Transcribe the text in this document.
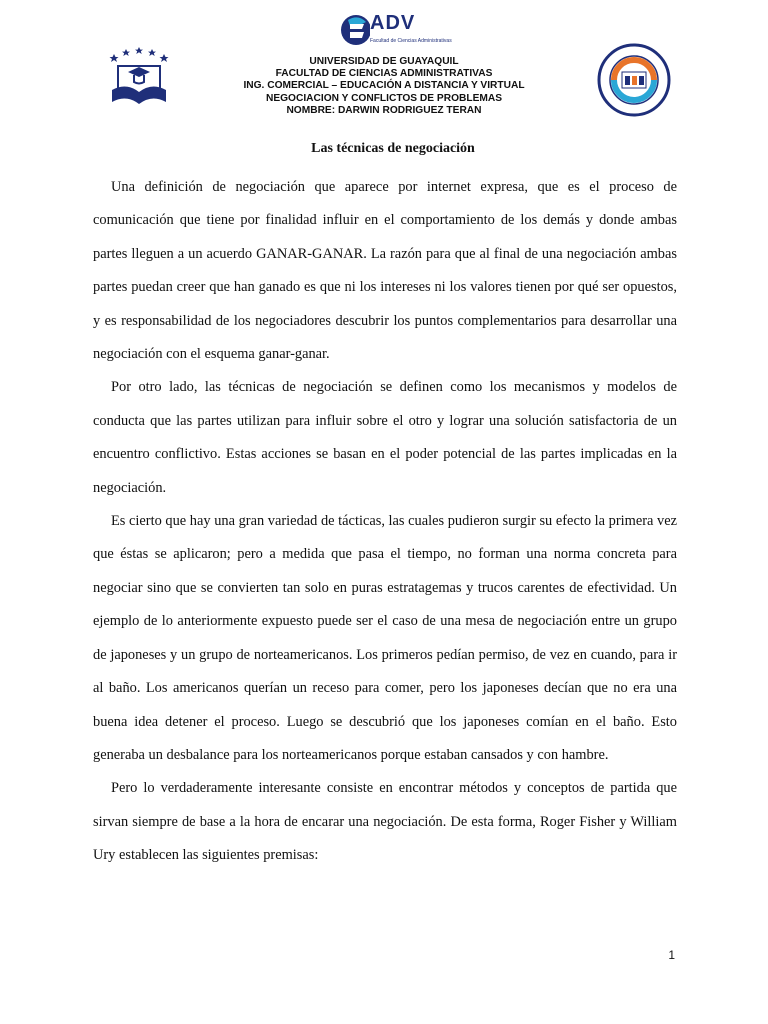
ADV
Facultad de Ciencias Administrativas
UNIVERSIDAD DE GUAYAQUIL
FACULTAD DE CIENCIAS ADMINISTRATIVAS
ING. COMERCIAL – EDUCACIÓN A DISTANCIA Y VIRTUAL
NEGOCIACION Y CONFLICTOS DE PROBLEMAS
NOMBRE: DARWIN RODRIGUEZ TERAN
Las técnicas de negociación

Una definición de negociación que aparece por internet expresa, que es el proceso de comunicación que tiene por finalidad influir en el comportamiento de los demás y donde ambas partes lleguen a un acuerdo GANAR-GANAR. La razón para que al final de una negociación ambas partes puedan creer que han ganado es que ni los intereses ni los valores tienen por qué ser opuestos, y es responsabilidad de los negociadores descubrir los puntos complementarios para desarrollar una negociación con el esquema ganar-ganar.

Por otro lado, las técnicas de negociación se definen como los mecanismos y modelos de conducta que las partes utilizan para influir sobre el otro y lograr una solución satisfactoria de un encuentro conflictivo. Estas acciones se basan en el poder potencial de las partes implicadas en la negociación.

Es cierto que hay una gran variedad de tácticas, las cuales pudieron surgir su efecto la primera vez que éstas se aplicaron; pero a medida que pasa el tiempo, no forman una norma concreta para negociar sino que se convierten tan solo en puras estratagemas y trucos carentes de efectividad. Un ejemplo de lo anteriormente expuesto puede ser el caso de una mesa de negociación entre un grupo de japoneses y un grupo de norteamericanos. Los primeros pedían permiso, de vez en cuando, para ir al baño. Los americanos querían un receso para comer, pero los japoneses decían que no era una buena idea detener el proceso. Luego se descubrió que los japoneses comían en el baño. Esto generaba un desbalance para los norteamericanos porque estaban cansados y con hambre.

Pero lo verdaderamente interesante consiste en encontrar métodos y conceptos de partida que sirvan siempre de base a la hora de encarar una negociación. De esta forma, Roger Fisher y William Ury establecen las siguientes premisas:

1
